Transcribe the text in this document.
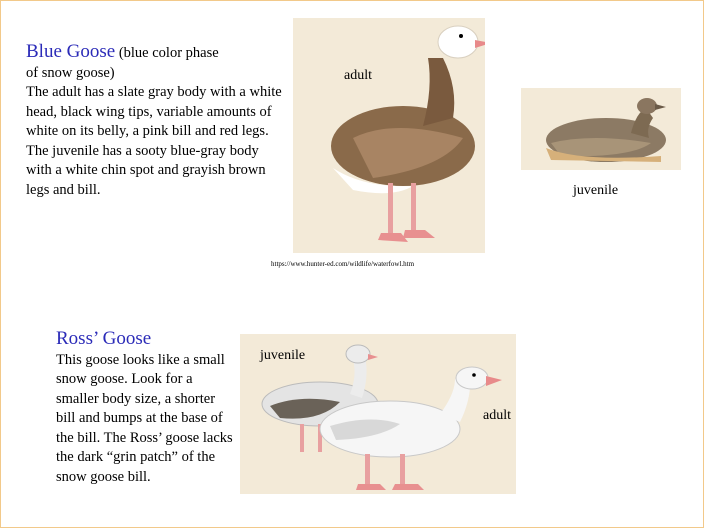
Blue Goose (blue color phase
of snow goose)
The adult has a slate gray body with a white head, black wing tips, variable amounts of white on its belly, a pink bill and red legs. The juvenile has a sooty blue-gray body with a white chin spot and grayish brown legs and bill.
adult
juvenile
https://www.hunter-ed.com/wildlife/waterfowl.htm
Ross’ Goose
This goose looks like a small snow goose. Look for a smaller body size, a shorter bill and bumps at the base of the bill. The Ross’ goose lacks the dark “grin patch” of the snow goose bill.
juvenile
adult
